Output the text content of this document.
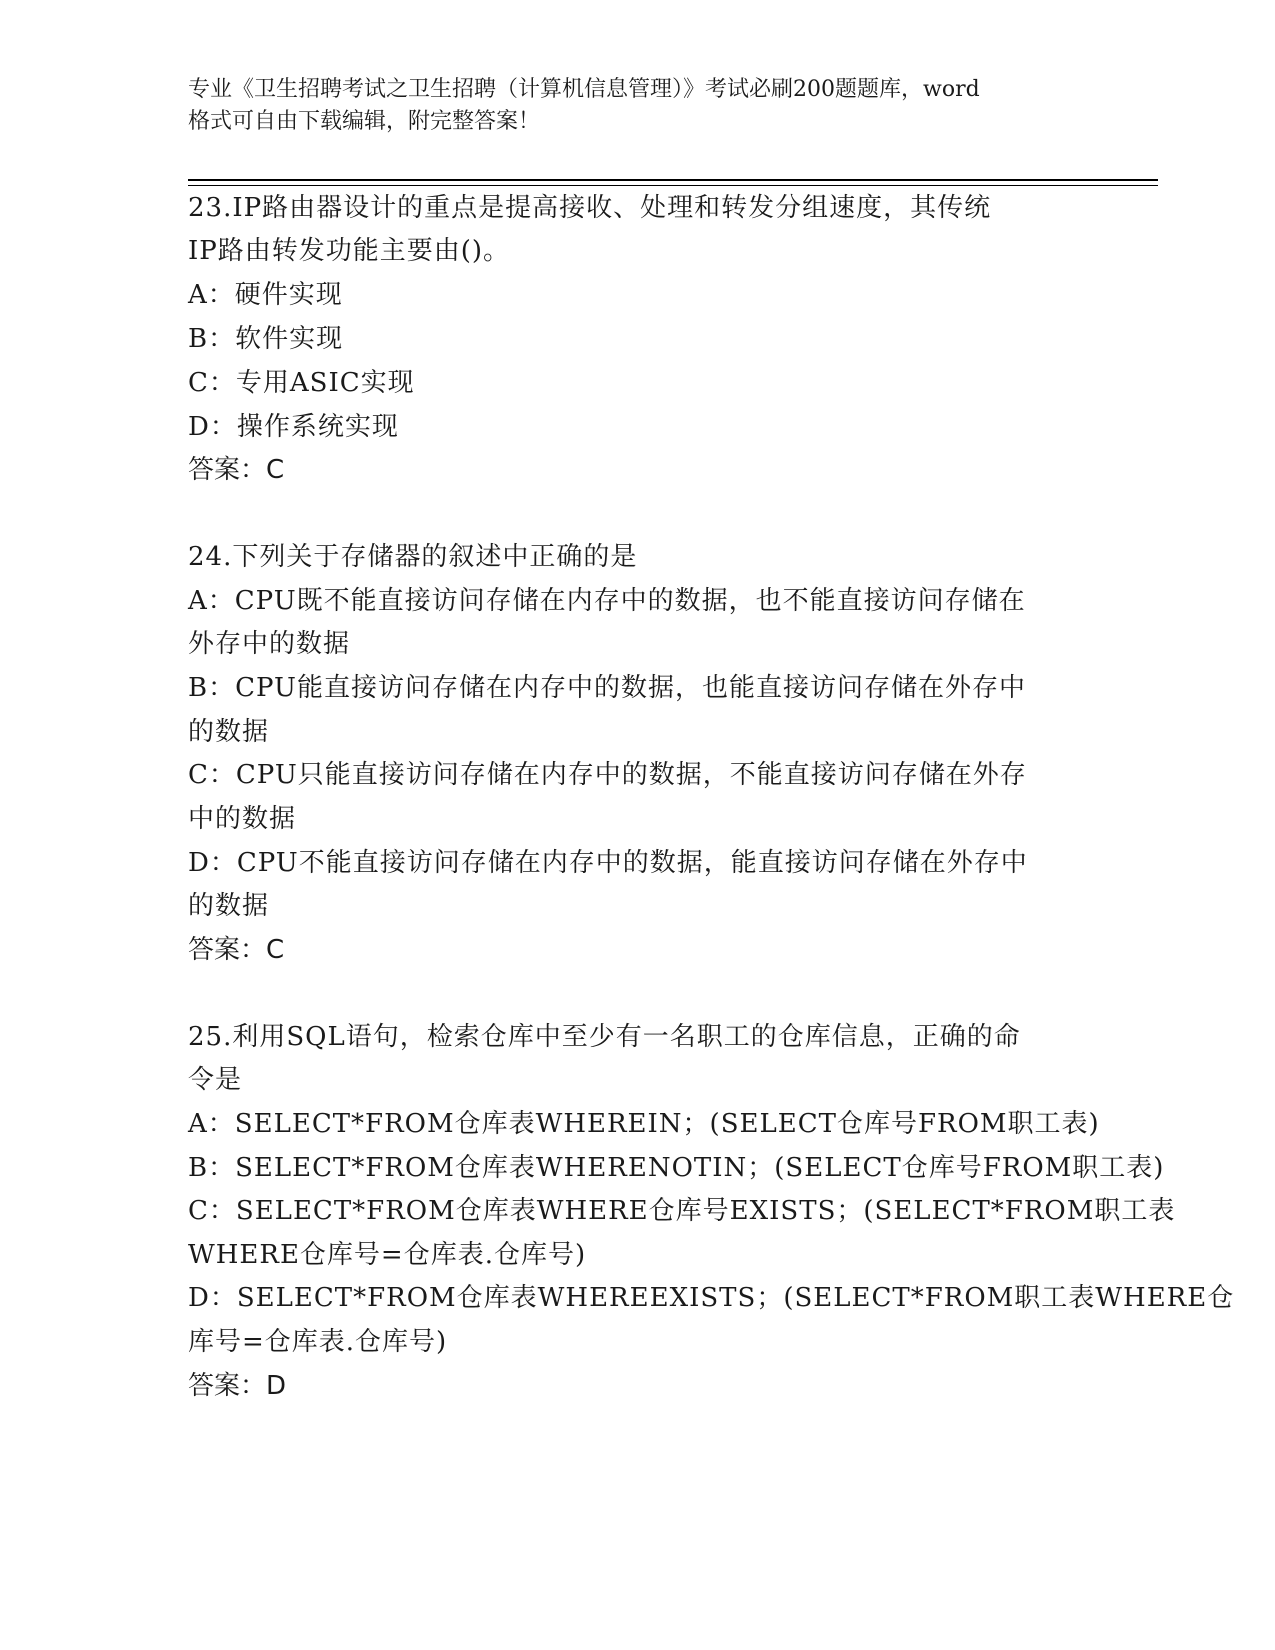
专业《卫生招聘考试之卫生招聘（计算机信息管理）》考试必刷200题题库，word
格式可自由下载编辑，附完整答案！
23.IP路由器设计的重点是提高接收、处理和转发分组速度，其传统
IP路由转发功能主要由()。
A：硬件实现
B：软件实现
C：专用ASIC实现
D：操作系统实现
答案：C
24.下列关于存储器的叙述中正确的是
A：CPU既不能直接访问存储在内存中的数据，也不能直接访问存储在
外存中的数据
B：CPU能直接访问存储在内存中的数据，也能直接访问存储在外存中
的数据
C：CPU只能直接访问存储在内存中的数据，不能直接访问存储在外存
中的数据
D：CPU不能直接访问存储在内存中的数据，能直接访问存储在外存中
的数据
答案：C
25.利用SQL语句，检索仓库中至少有一名职工的仓库信息，正确的命
令是
A：SELECT*FROM仓库表WHEREIN；(SELECT仓库号FROM职工表)
B：SELECT*FROM仓库表WHERENOTIN；(SELECT仓库号FROM职工表)
C：SELECT*FROM仓库表WHERE仓库号EXISTS；(SELECT*FROM职工表
WHERE仓库号=仓库表.仓库号)
D：SELECT*FROM仓库表WHEREEXISTS；(SELECT*FROM职工表WHERE仓
库号=仓库表.仓库号)
答案：D
